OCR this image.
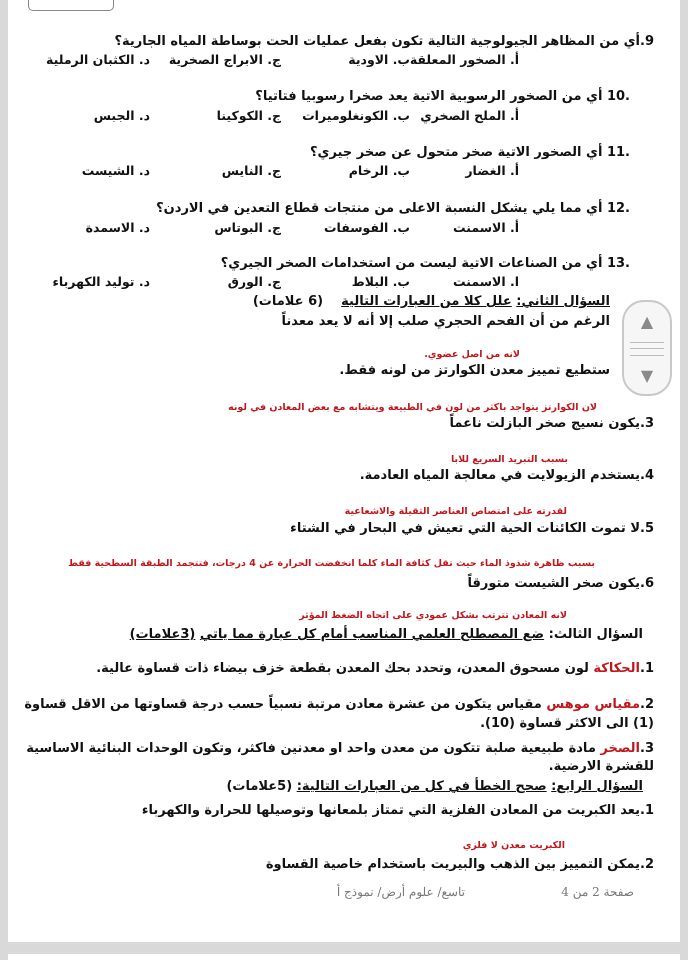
9.أي من المظاهر الجيولوجية التالية تكون بفعل عمليات الحت بوساطة المياه الجارية؟
أ. الصخور المعلقة
ب. الاودية
ج. الابراج الصخرية
د. الكثبان الرملية
.10 أي من الصخور الرسوبية الاتية يعد صخرا رسوبيا فتاتيا؟
أ. الملح الصخري
ب. الكونغلوميرات
ج. الكوكينا
د. الجبس
.11 أي الصخور الاتية صخر متحول عن صخر جيري؟
أ. الغضار
ب. الرخام
ج. النايس
د. الشيست
.12 أي مما يلي يشكل النسبة الاعلى من منتجات قطاع التعدين في الاردن؟
أ. الاسمنت
ب. الفوسفات
ج. البوتاس
د. الاسمدة
.13 أي من الصناعات الاتية ليست من استخدامات الصخر الجيري؟
ا. الاسمنت
ب. البلاط
ج. الورق
د. توليد الكهرباء
السؤال الثاني: علل كلا من العبارات التالية    (6 علامات)
الرغم من أن الفحم الحجري صلب إلا أنه لا يعد معدناً
لانه من اصل عضوي.
ستطيع تمييز معدن الكوارتز من لونه فقط.
لان الكوارتز يتواجد باكثر من لون في الطبيعة ويتشابه مع بعض المعادن في لونه
3.يكون نسيج صخر البازلت ناعماً
بسبب التبريد السريع للابا
4.يستخدم الزيولايت في معالجة المياه العادمة.
لقدرته على امتصاص العناصر الثقيلة والاشعاعية
5.لا تموت الكائنات الحية التي تعيش في البحار في الشتاء
بسبب ظاهرة شذوذ الماء حيث تقل كثافة الماء كلما انخفضت الحرارة عن 4 درجات، فتتجمد الطبقة السطحية فقط
6.يكون صخر الشيست متورقاً
لانه المعادن تترتب بشكل عمودي على اتجاه الضغط المؤثر
السؤال الثالث: ضع المصطلح العلمي المناسب أمام كل عبارة مما ياتي (3علامات)
1.الحكاكة لون مسحوق المعدن، وتحدد بحك المعدن بقطعة خزف بيضاء ذات قساوة عالية.
2.مقياس موهس مقياس يتكون من عشرة معادن مرتبة نسبياً حسب درجة قساوتها من الاقل قساوة (1) الى الاكثر قساوة (10).
3.الصخر مادة طبيعية صلبة تتكون من معدن واحد او معدنين فاكثر، وتكون الوحدات البنائية الاساسية للقشرة الارضية.
السؤال الرابع: صحح الخطأ في كل من العبارات التالية: (5علامات)
1.يعد الكبريت من المعادن الفلزية التي تمتاز بلمعانها وتوصيلها للحرارة والكهرباء
الكبريت معدن لا فلزي
2.يمكن التمييز بين الذهب والبيريت باستخدام خاصية القساوة
صفحة 2 من 4
تاسع/ علوم أرض/ نموذج أ
▲
▼
